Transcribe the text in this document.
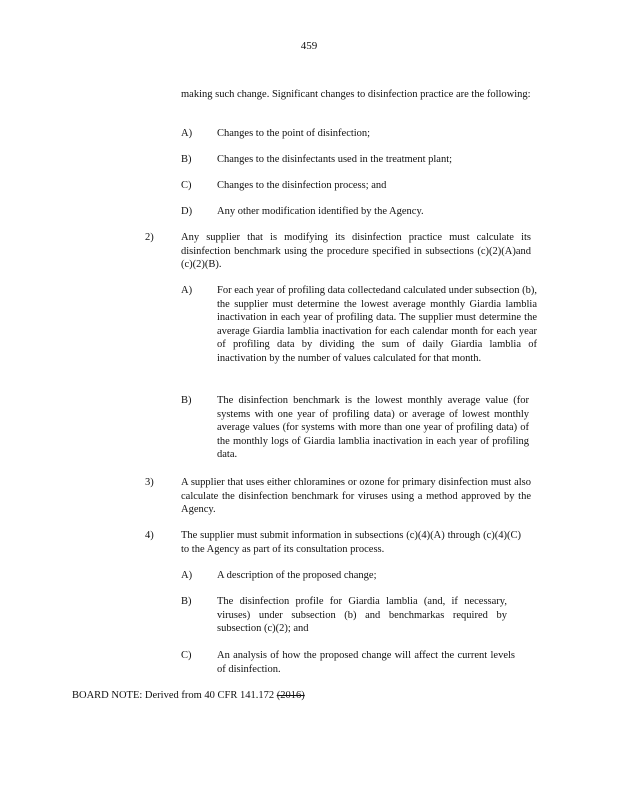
459
making such change. Significant changes to disinfection practice are the following:
A) Changes to the point of disinfection;
B) Changes to the disinfectants used in the treatment plant;
C) Changes to the disinfection process; and
D) Any other modification identified by the Agency.
2)	Any supplier that is modifying its disinfection practice must calculate its disinfection benchmark using the procedure specified in subsections (c)(2)(A)and (c)(2)(B).
A) For each year of profiling data collectedand calculated under subsection (b), the supplier must determine the lowest average monthly Giardia lamblia inactivation in each year of profiling data. The supplier must determine the average Giardia lamblia inactivation for each calendar month for each year of profiling data by dividing the sum of daily Giardia lamblia of inactivation by the number of values calculated for that month.
B) The disinfection benchmark is the lowest monthly average value (for systems with one year of profiling data) or average of lowest monthly average values (for systems with more than one year of profiling data) of the monthly logs of Giardia lamblia inactivation in each year of profiling data.
3)	A supplier that uses either chloramines or ozone for primary disinfection must also calculate the disinfection benchmark for viruses using a method approved by the Agency.
4)	The supplier must submit information in subsections (c)(4)(A) through (c)(4)(C) to the Agency as part of its consultation process.
A) A description of the proposed change;
B) The disinfection profile for Giardia lamblia (and, if necessary, viruses) under subsection (b) and benchmarkas required by subsection (c)(2); and
C) An analysis of how the proposed change will affect the current levels of disinfection.
BOARD NOTE: Derived from 40 CFR 141.172 (2016)
